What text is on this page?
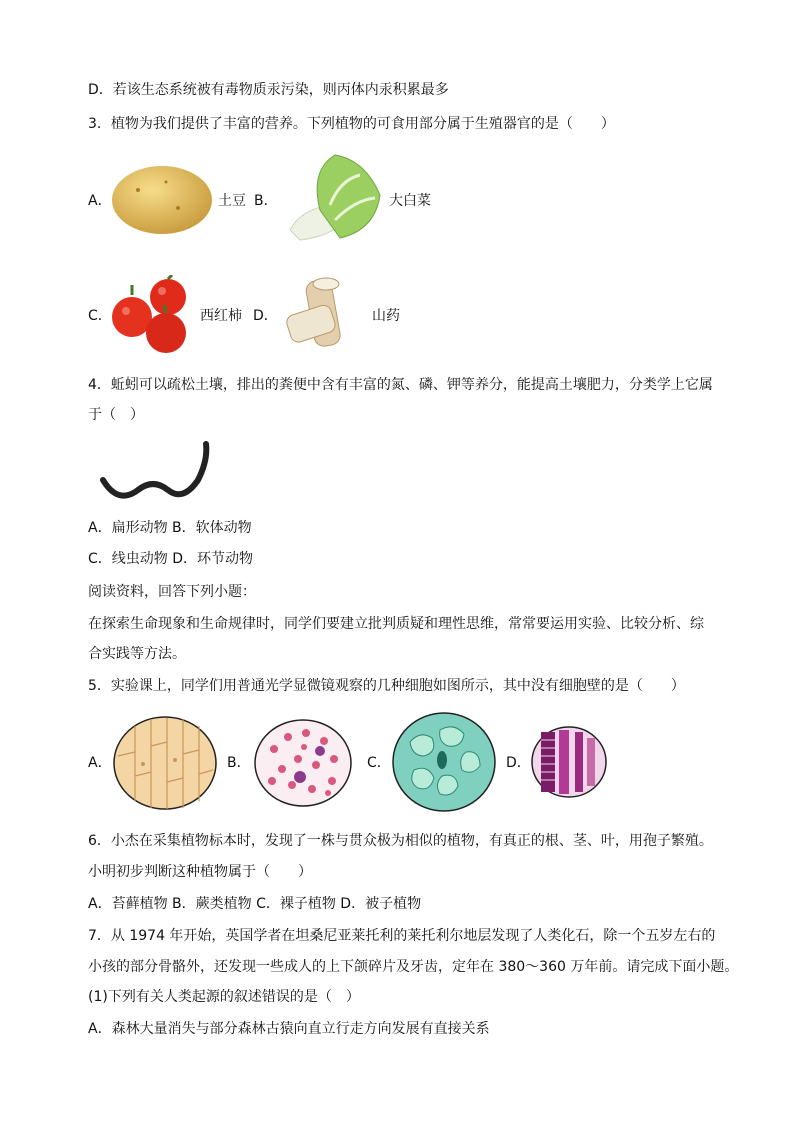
D．若该生态系统被有毒物质汞污染，则丙体内汞积累最多
3．植物为我们提供了丰富的营养。下列植物的可食用部分属于生殖器官的是（　　）
A．	土豆 B．	大白菜
C．	西红柿 D．	山药
4．蚯蚓可以疏松土壤，排出的粪便中含有丰富的氮、磷、钾等养分，能提高土壤肥力，分类学上它属
于（　）
A．扁形动物 B．软体动物
C．线虫动物 D．环节动物
阅读资料，回答下列小题：
在探索生命现象和生命规律时，同学们要建立批判质疑和理性思维，常常要运用实验、比较分析、综
合实践等方法。
5．实验课上，同学们用普通光学显微镜观察的几种细胞如图所示，其中没有细胞壁的是（　　）
A．	B．	C．	D．
6．小杰在采集植物标本时，发现了一株与贯众极为相似的植物，有真正的根、茎、叶，用孢子繁殖。
小明初步判断这种植物属于（　　）
A．苔藓植物 B．蕨类植物 C．裸子植物 D．被子植物
7．从 1974 年开始，英国学者在坦桑尼亚莱托利的莱托利尔地层发现了人类化石，除一个五岁左右的
小孩的部分骨骼外，还发现一些成人的上下颌碎片及牙齿，定年在 380～360 万年前。请完成下面小题。
(1)下列有关人类起源的叙述错误的是（　）
A．森林大量消失与部分森林古猿向直立行走方向发展有直接关系
